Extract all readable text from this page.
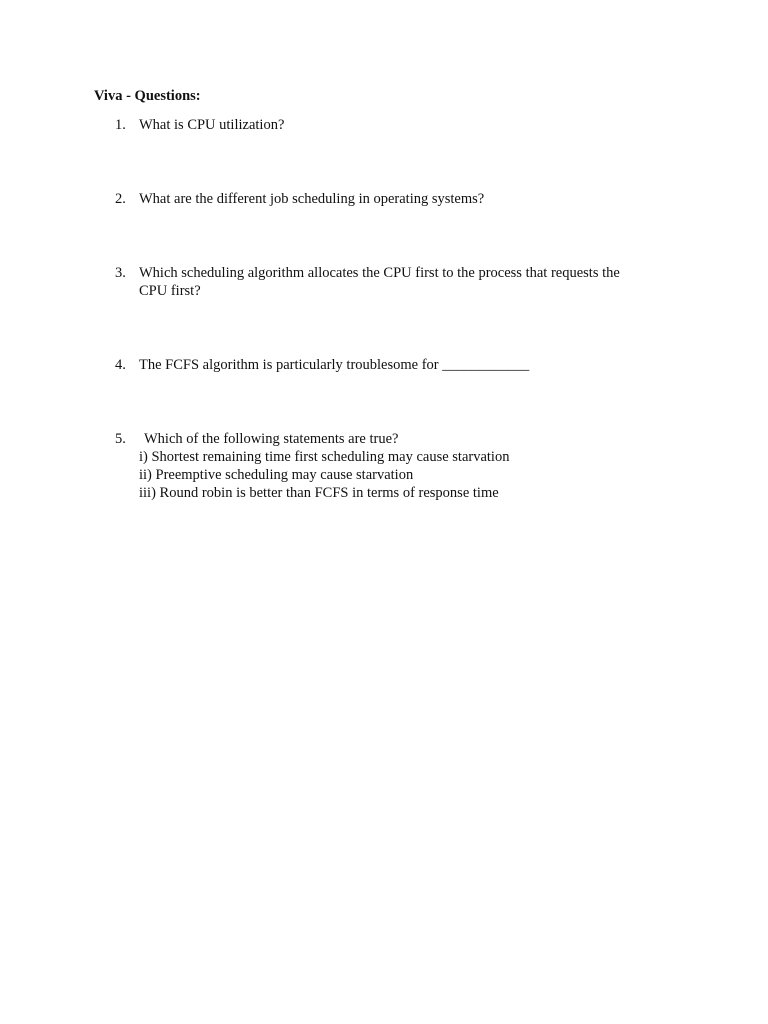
Viva - Questions:
1. What is CPU utilization?
2. What are the different job scheduling in operating systems?
3. Which scheduling algorithm allocates the CPU first to the process that requests the
CPU first?
4. The FCFS algorithm is particularly troublesome for ____________
5.	Which of the following statements are true?
i) Shortest remaining time first scheduling may cause starvation
ii) Preemptive scheduling may cause starvation
iii) Round robin is better than FCFS in terms of response time
